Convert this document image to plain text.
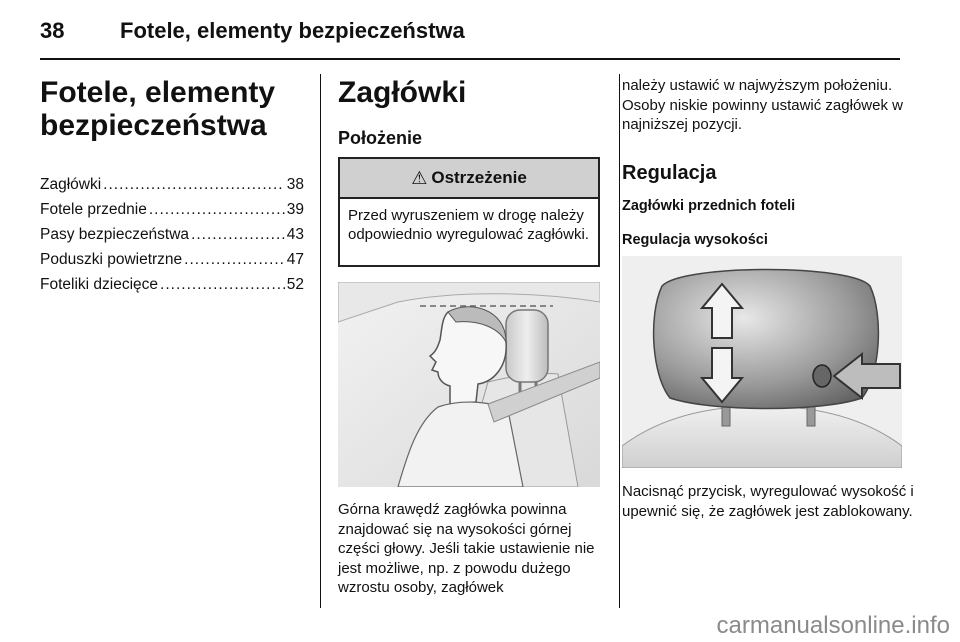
38	Fotele, elementy bezpieczeństwa
Fotele, elementy bezpieczeństwa
Zagłówki .....	38
Fotele przednie .....	39
Pasy bezpieczeństwa .....	43
Poduszki powietrzne .....	47
Foteliki dziecięce .....	52
Zagłówki
Położenie
⚠ Ostrzeżenie
Przed wyruszeniem w drogę należy odpowiednio wyregulować zagłówki.
Górna krawędź zagłówka powinna znajdować się na wysokości górnej części głowy. Jeśli takie ustawienie nie jest możliwe, np. z powodu dużego wzrostu osoby, zagłówek
należy ustawić w najwyższym położeniu. Osoby niskie powinny ustawić zagłówek w najniższej pozycji.
Regulacja
Zagłówki przednich foteli
Regulacja wysokości
Nacisnąć przycisk, wyregulować wysokość i upewnić się, że zagłówek jest zablokowany.
carmanualsonline.info
